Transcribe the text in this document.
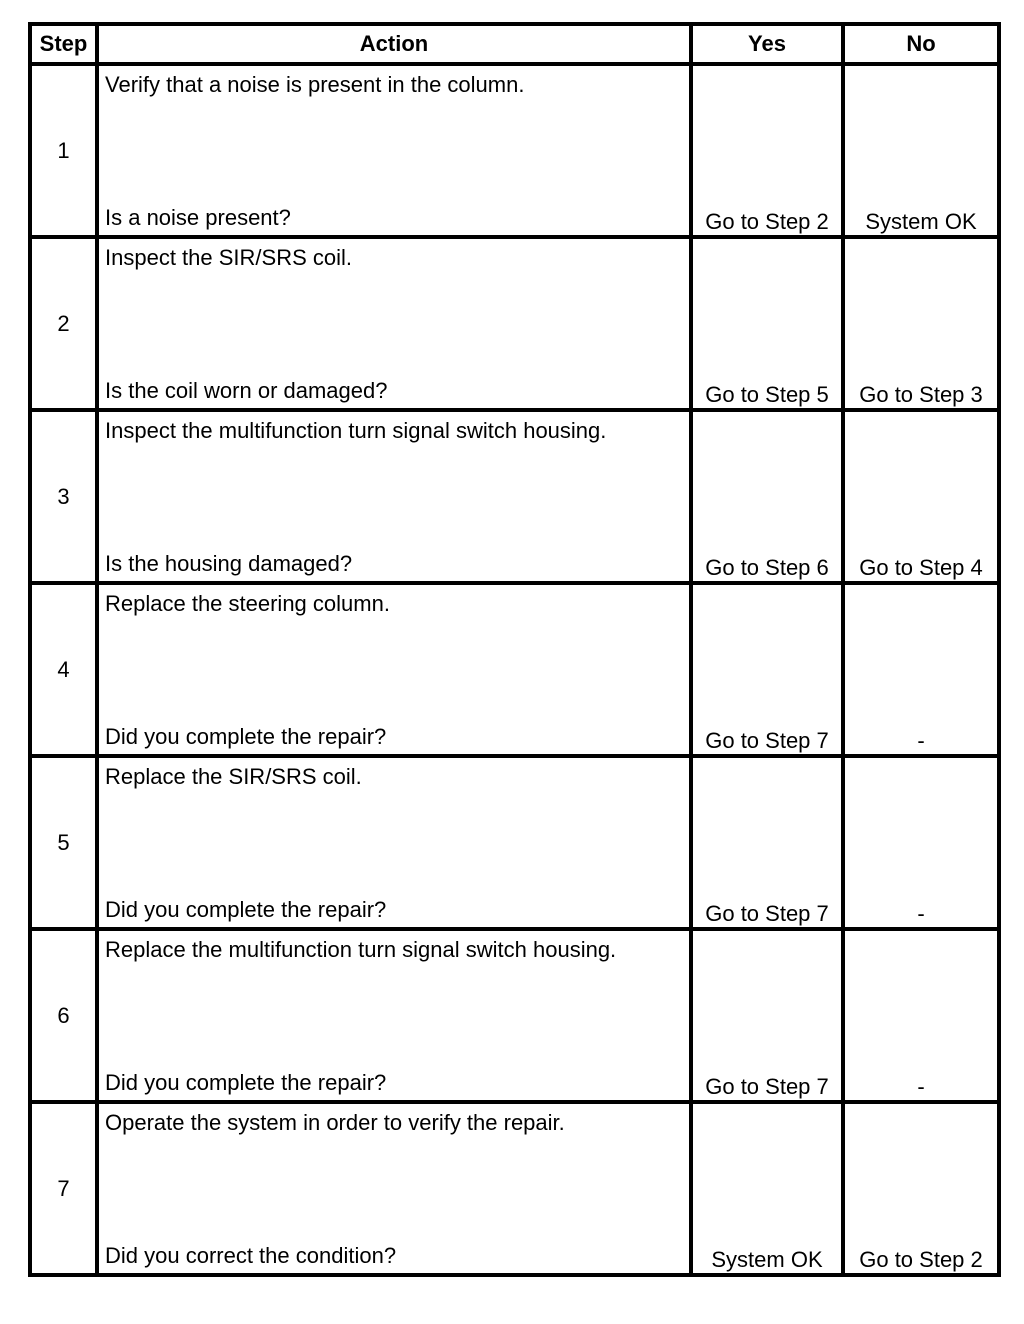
Step	Action	Yes	No
1	Verify that a noise is present in the column.
Is a noise present?	Go to Step 2	System OK
2	Inspect the SIR/SRS coil.
Is the coil worn or damaged?	Go to Step 5	Go to Step 3
3	Inspect the multifunction turn signal switch housing.
Is the housing damaged?	Go to Step 6	Go to Step 4
4	Replace the steering column.
Did you complete the repair?	Go to Step 7	-
5	Replace the SIR/SRS coil.
Did you complete the repair?	Go to Step 7	-
6	Replace the multifunction turn signal switch housing.
Did you complete the repair?	Go to Step 7	-
7	Operate the system in order to verify the repair.
Did you correct the condition?	System OK	Go to Step 2
